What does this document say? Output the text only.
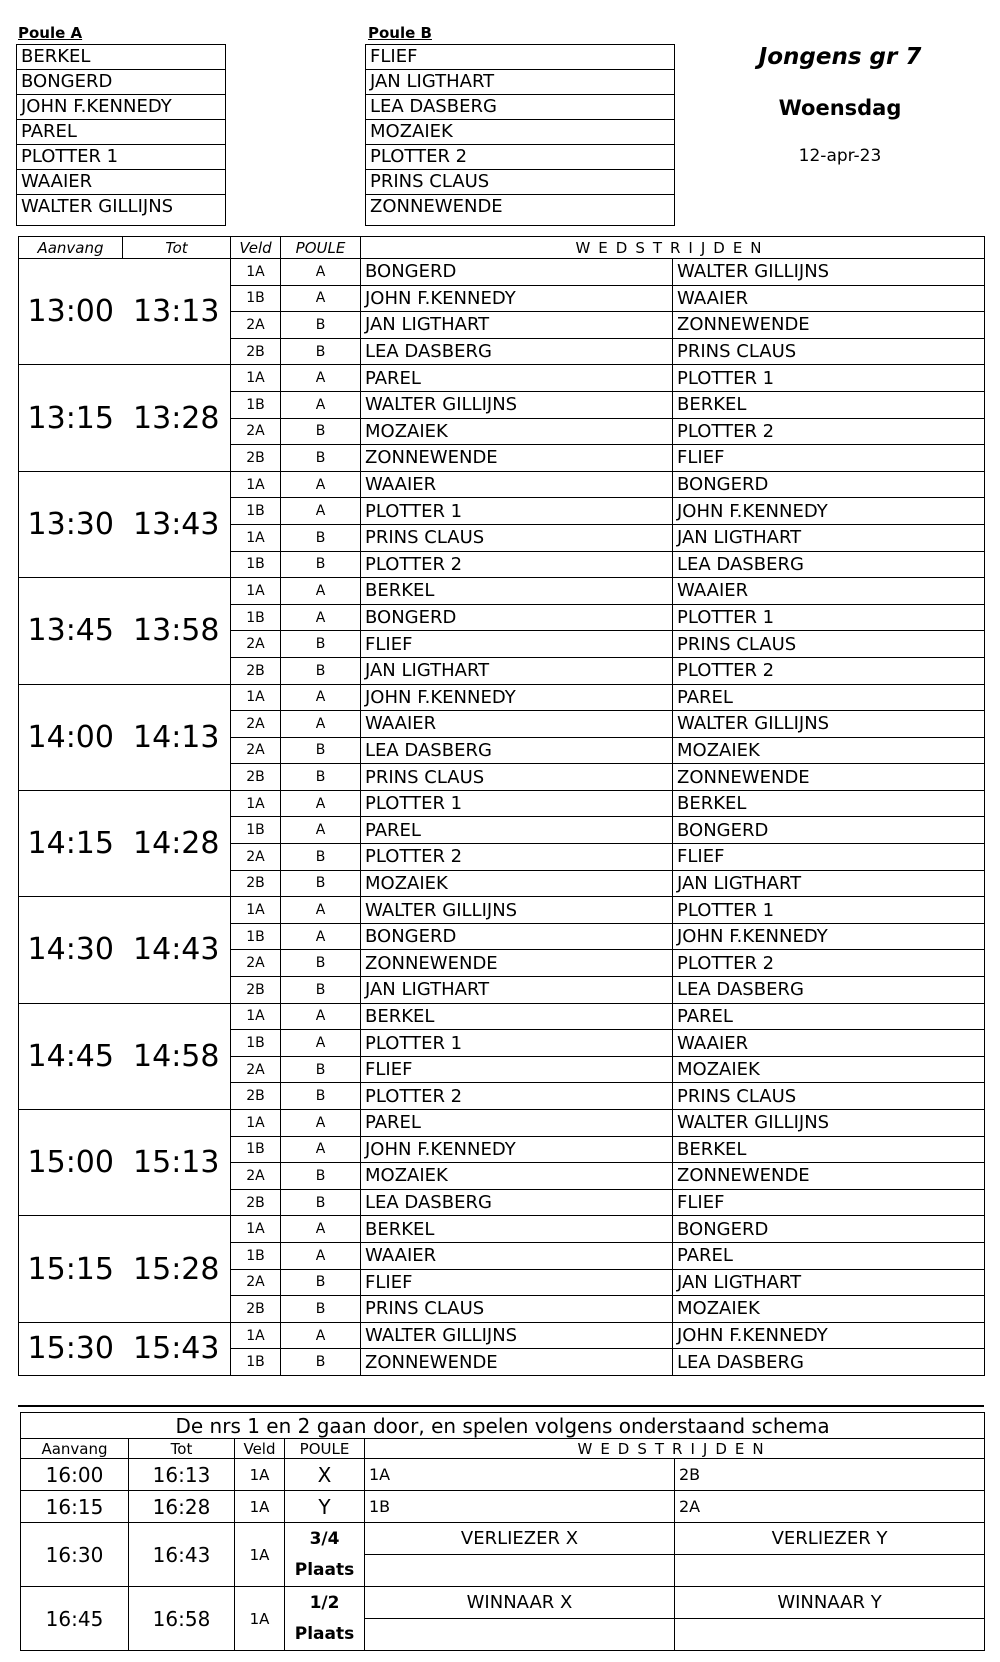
Poule A
BERKEL
BONGERD
JOHN F.KENNEDY
PAREL
PLOTTER 1
WAAIER
WALTER GILLIJNS
Poule B
FLIEF
JAN LIGTHART
LEA DASBERG
MOZAIEK
PLOTTER 2
PRINS CLAUS
ZONNEWENDE
Jongens gr 7
Woensdag
12-apr-23
Aanvang	Tot	Veld	POULE	WEDSTRIJDEN	
13:00	13:13	1A	A	BONGERD	WALTER GILLIJNS
		1B	A	JOHN F.KENNEDY	WAAIER
		2A	B	JAN LIGTHART	ZONNEWENDE
		2B	B	LEA DASBERG	PRINS CLAUS
13:15	13:28	1A	A	PAREL	PLOTTER 1
		1B	A	WALTER GILLIJNS	BERKEL
		2A	B	MOZAIEK	PLOTTER 2
		2B	B	ZONNEWENDE	FLIEF
13:30	13:43	1A	A	WAAIER	BONGERD
		1B	A	PLOTTER 1	JOHN F.KENNEDY
		1A	B	PRINS CLAUS	JAN LIGTHART
		1B	B	PLOTTER 2	LEA DASBERG
13:45	13:58	1A	A	BERKEL	WAAIER
		1B	A	BONGERD	PLOTTER 1
		2A	B	FLIEF	PRINS CLAUS
		2B	B	JAN LIGTHART	PLOTTER 2
14:00	14:13	1A	A	JOHN F.KENNEDY	PAREL
		2A	A	WAAIER	WALTER GILLIJNS
		2A	B	LEA DASBERG	MOZAIEK
		2B	B	PRINS CLAUS	ZONNEWENDE
14:15	14:28	1A	A	PLOTTER 1	BERKEL
		1B	A	PAREL	BONGERD
		2A	B	PLOTTER 2	FLIEF
		2B	B	MOZAIEK	JAN LIGTHART
14:30	14:43	1A	A	WALTER GILLIJNS	PLOTTER 1
		1B	A	BONGERD	JOHN F.KENNEDY
		2A	B	ZONNEWENDE	PLOTTER 2
		2B	B	JAN LIGTHART	LEA DASBERG
14:45	14:58	1A	A	BERKEL	PAREL
		1B	A	PLOTTER 1	WAAIER
		2A	B	FLIEF	MOZAIEK
		2B	B	PLOTTER 2	PRINS CLAUS
15:00	15:13	1A	A	PAREL	WALTER GILLIJNS
		1B	A	JOHN F.KENNEDY	BERKEL
		2A	B	MOZAIEK	ZONNEWENDE
		2B	B	LEA DASBERG	FLIEF
15:15	15:28	1A	A	BERKEL	BONGERD
		1B	A	WAAIER	PAREL
		2A	B	FLIEF	JAN LIGTHART
		2B	B	PRINS CLAUS	MOZAIEK
15:30	15:43	1A	A	WALTER GILLIJNS	JOHN F.KENNEDY
		1B	B	ZONNEWENDE	LEA DASBERG
De nrs 1 en 2 gaan door, en spelen volgens onderstaand schema					
Aanvang	Tot	Veld	POULE	WEDSTRIJDEN	
16:00	16:13	1A	X	1A	2B
16:15	16:28	1A	Y	1B	2A
16:30	16:43	1A	3/4	VERLIEZER X	VERLIEZER Y
			Plaats		
16:45	16:58	1A	1/2	WINNAAR X	WINNAAR Y
			Plaats		
